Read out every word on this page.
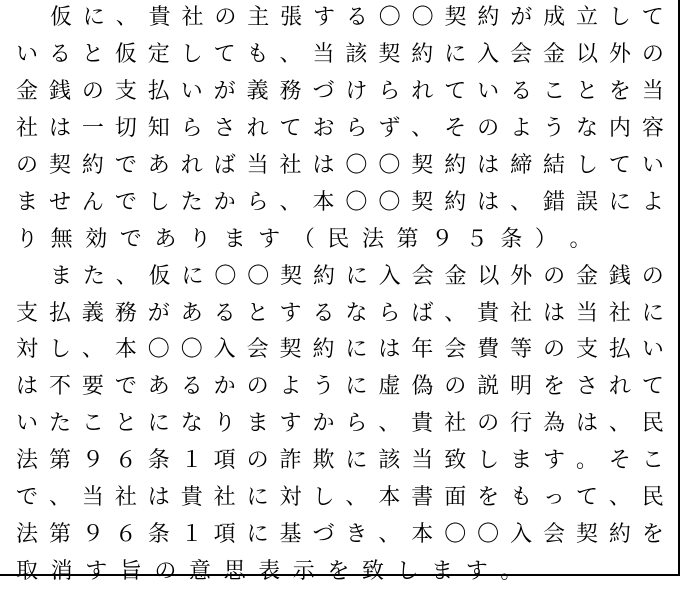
仮 に 、 貴 社 の 主 張 す る 〇 〇 契 約 が 成 立 し て
い る と 仮 定 し て も 、 当 該 契 約 に 入 会 金 以 外 の
金 銭 の 支 払 い が 義 務 づ け ら れ て い る こ と を 当
社 は 一 切 知 ら さ れ て お ら ず 、 そ の よ う な 内 容
の 契 約 で あ れ ば 当 社 は 〇 〇 契 約 は 締 結 し て い
ま せ ん で し た か ら 、 本 〇 〇 契 約 は 、 錯 誤 に よ
り 無 効 で あ り ま す （ 民 法 第 ９ ５ 条 ） 。
ま た 、 仮 に 〇 〇 契 約 に 入 会 金 以 外 の 金 銭 の
支 払 義 務 が あ る と す る な ら ば 、 貴 社 は 当 社 に
対 し 、 本 〇 〇 入 会 契 約 に は 年 会 費 等 の 支 払 い
は 不 要 で あ る か の よ う に 虚 偽 の 説 明 を さ れ て
い た こ と に な り ま す か ら 、 貴 社 の 行 為 は 、 民
法 第 ９ ６ 条 １ 項 の 詐 欺 に 該 当 致 し ま す 。 そ こ
で 、 当 社 は 貴 社 に 対 し 、 本 書 面 を も っ て 、 民
法 第 ９ ６ 条 １ 項 に 基 づ き 、 本 〇 〇 入 会 契 約 を
取 消 す 旨 の 意 思 表 示 を 致 し ま す 。
